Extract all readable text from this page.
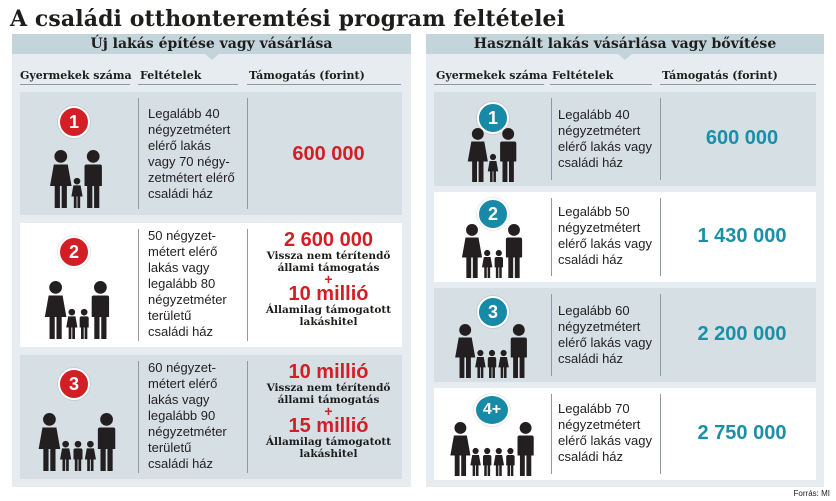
A családi otthonteremtési program feltételei
Új lakás építése vagy vásárlása
Gyermekek száma Feltételek	Támogatás (forint)
1	Legalább 40
négyzetmétert
elérő lakás
vagy 70 négy-
zetmétert elérő
családi ház
600 000
2
50 négyzet-
métert elérő
lakás vagy
legalább 80
négyzetméter
területű
családi ház
2 600 000
Vissza nem térítendő
állami támogatás
+
10 millió
Államilag támogatott
lakáshitel
3
60 négyzet-
métert elérő
lakás vagy
legalább 90
négyzetméter
területű
családi ház
10 millió
Vissza nem térítendő
állami támogatás
+
15 millió
Államilag támogatott
lakáshitel
Használt lakás vásárlása vagy bővítése
Gyermekek száma Feltételek	Támogatás (forint)
1	Legalább 40
négyzetmétert
elérő lakás vagy
családi ház
600 000
2	Legalább 50
négyzetmétert
elérő lakás vagy
családi ház
1 430 000
3	Legalább 60
négyzetmétert
elérő lakás vagy
családi ház
2 200 000
4+	Legalább 70
négyzetmétert
elérő lakás vagy
családi ház
2 750 000
Forrás: MI
